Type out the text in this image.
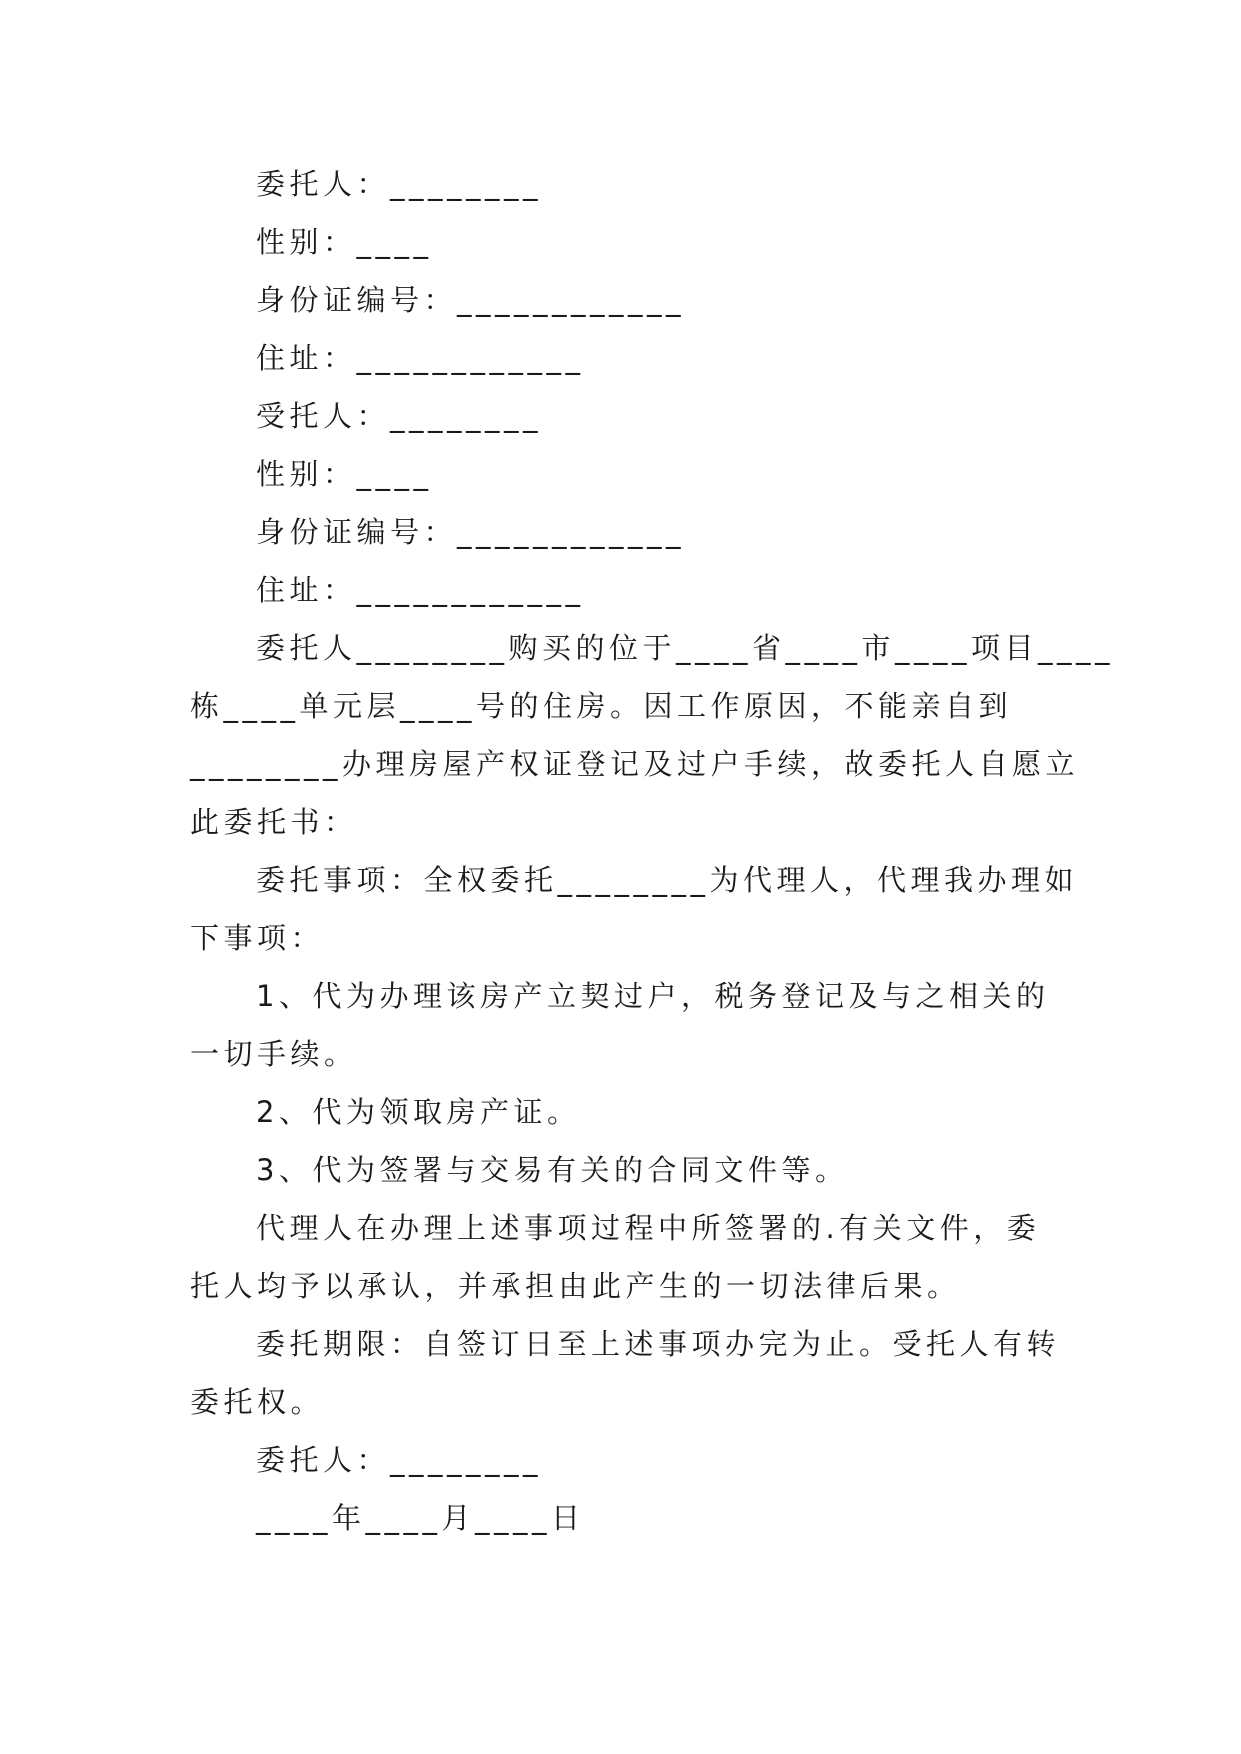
委托人：________

性别：____

身份证编号：____________

住址：____________

受托人：________

性别：____

身份证编号：____________

住址：____________

委托人________购买的位于____省____市____项目____

栋____单元层____号的住房。因工作原因，不能亲自到

________办理房屋产权证登记及过户手续，故委托人自愿立

此委托书：

委托事项：全权委托________为代理人，代理我办理如

下事项：

1、代为办理该房产立契过户，税务登记及与之相关的

一切手续。

2、代为领取房产证。

3、代为签署与交易有关的合同文件等。

代理人在办理上述事项过程中所签署的.有关文件，委

托人均予以承认，并承担由此产生的一切法律后果。

委托期限：自签订日至上述事项办完为止。受托人有转

委托权。

委托人：________

____年____月____日
